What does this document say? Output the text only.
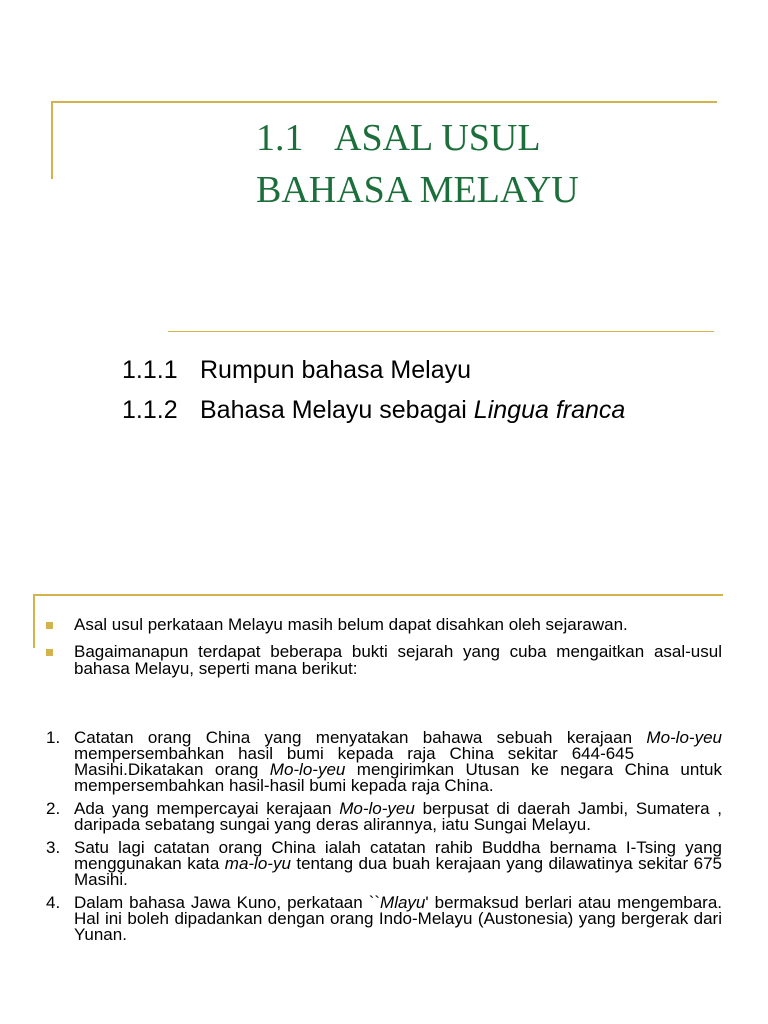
1.1 ASAL USUL
BAHASA MELAYU
1.1.1 Rumpun bahasa Melayu
1.1.2 Bahasa Melayu sebagai Lingua franca
Asal usul perkataan Melayu masih belum dapat disahkan oleh sejarawan.
Bagaimanapun terdapat beberapa bukti sejarah yang cuba mengaitkan asal-usul bahasa Melayu, seperti mana berikut:
1. Catatan orang China yang menyatakan bahawa sebuah kerajaan Mo-lo-yeu mempersembahkan hasil bumi kepada raja China sekitar 644-645        Masihi.Dikatakan orang Mo-lo-yeu mengirimkan Utusan ke negara China untuk mempersembahkan hasil-hasil bumi kepada raja China.
2. Ada yang mempercayai kerajaan Mo-lo-yeu berpusat di daerah Jambi, Sumatera , daripada sebatang sungai yang deras alirannya, iatu Sungai Melayu.
3. Satu lagi catatan orang China ialah catatan rahib Buddha bernama I-Tsing yang menggunakan kata ma-lo-yu tentang dua buah kerajaan yang dilawatinya sekitar 675 Masihi.
4. Dalam bahasa Jawa Kuno, perkataan ``Mlayu' bermaksud berlari atau mengembara. Hal ini boleh dipadankan dengan orang Indo-Melayu (Austonesia) yang bergerak dari Yunan.
